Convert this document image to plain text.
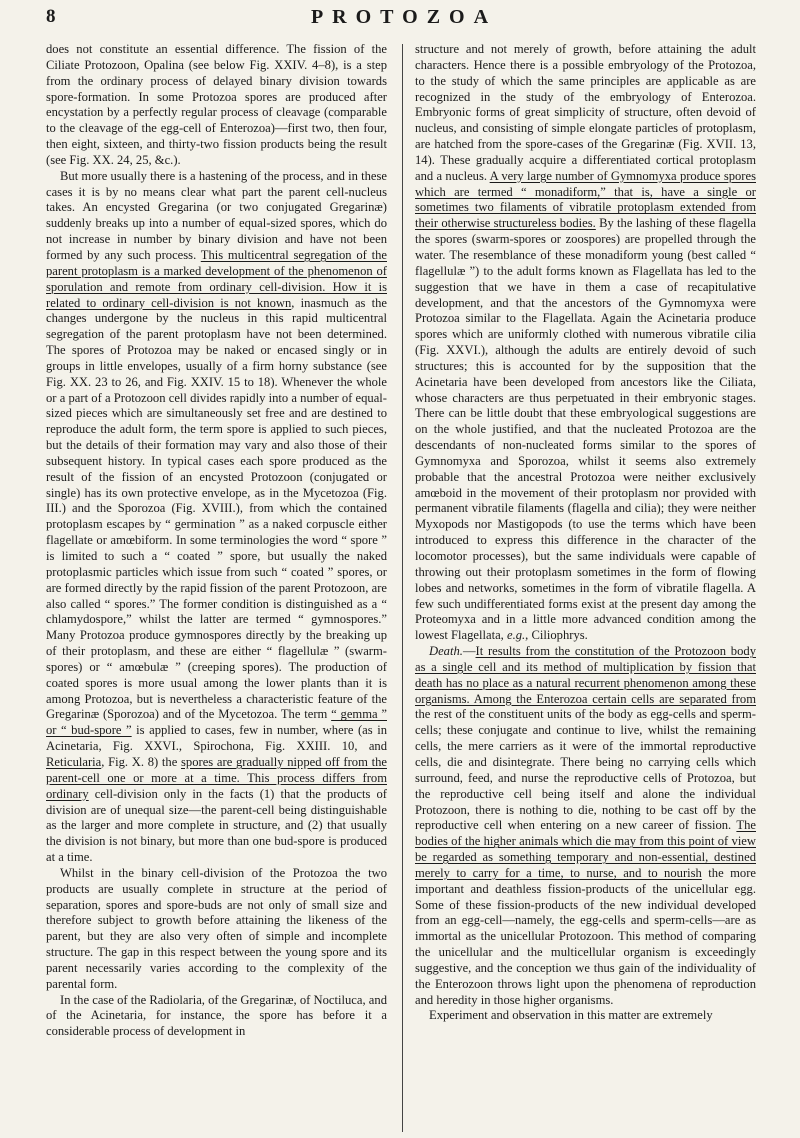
8	PROTOZOA

does not constitute an essential difference. The fission of the Ciliate Protozoon, Opalina (see below Fig. XXIV. 4–8), is a step from the ordinary process of delayed binary division towards spore-formation. In some Protozoa spores are produced after encystation by a perfectly regular process of cleavage (comparable to the cleavage of the egg-cell of Enterozoa)—first two, then four, then eight, sixteen, and thirty-two fission products being the result (see Fig. XX. 24, 25, &c.).

But more usually there is a hastening of the process, and in these cases it is by no means clear what part the parent cell-nucleus takes. An encysted Gregarina (or two conjugated Gregarinæ) suddenly breaks up into a number of equal-sized spores, which do not increase in number by binary division and have not been formed by any such process. This multicentral segregation of the parent protoplasm is a marked development of the phenomenon of sporulation and remote from ordinary cell-division. How it is related to ordinary cell-division is not known, inasmuch as the changes undergone by the nucleus in this rapid multicentral segregation of the parent protoplasm have not been determined. The spores of Protozoa may be naked or encased singly or in groups in little envelopes, usually of a firm horny substance (see Fig. XX. 23 to 26, and Fig. XXIV. 15 to 18). Whenever the whole or a part of a Protozoon cell divides rapidly into a number of equal-sized pieces which are simultaneously set free and are destined to reproduce the adult form, the term spore is applied to such pieces, but the details of their formation may vary and also those of their subsequent history. In typical cases each spore produced as the result of the fission of an encysted Protozoon (conjugated or single) has its own protective envelope, as in the Mycetozoa (Fig. III.) and the Sporozoa (Fig. XVIII.), from which the contained protoplasm escapes by “ germination ” as a naked corpuscle either flagellate or amœbiform. In some terminologies the word “ spore ” is limited to such a “ coated ” spore, but usually the naked protoplasmic particles which issue from such “ coated ” spores, or are formed directly by the rapid fission of the parent Protozoon, are also called “ spores.” The former condition is distinguished as a “ chlamydospore,” whilst the latter are termed “ gymnospores.” Many Protozoa produce gymnospores directly by the breaking up of their protoplasm, and these are either “ flagellulæ ” (swarm-spores) or “ amœbulæ ” (creeping spores). The production of coated spores is more usual among the lower plants than it is among Protozoa, but is nevertheless a characteristic feature of the Gregarinæ (Sporozoa) and of the Mycetozoa. The term “ gemma ” or “ bud-spore ” is applied to cases, few in number, where (as in Acinetaria, Fig. XXVI., Spirochona, Fig. XXIII. 10, and Reticularia, Fig. X. 8) the spores are gradually nipped off from the parent-cell one or more at a time. This process differs from ordinary cell-division only in the facts (1) that the products of division are of unequal size—the parent-cell being distinguishable as the larger and more complete in structure, and (2) that usually the division is not binary, but more than one bud-spore is produced at a time.

Whilst in the binary cell-division of the Protozoa the two products are usually complete in structure at the period of separation, spores and spore-buds are not only of small size and therefore subject to growth before attaining the likeness of the parent, but they are also very often of simple and incomplete structure. The gap in this respect between the young spore and its parent necessarily varies according to the complexity of the parental form.

In the case of the Radiolaria, of the Gregarinæ, of Noctiluca, and of the Acinetaria, for instance, the spore has before it a considerable process of development in

structure and not merely of growth, before attaining the adult characters. Hence there is a possible embryology of the Protozoa, to the study of which the same principles are applicable as are recognized in the study of the embryology of Enterozoa. Embryonic forms of great simplicity of structure, often devoid of nucleus, and consisting of simple elongate particles of protoplasm, are hatched from the spore-cases of the Gregarinæ (Fig. XVII. 13, 14). These gradually acquire a differentiated cortical protoplasm and a nucleus. A very large number of Gymnomyxa produce spores which are termed “ monadiform,” that is, have a single or sometimes two filaments of vibratile protoplasm extended from their otherwise structureless bodies. By the lashing of these flagella the spores (swarm-spores or zoospores) are propelled through the water. The resemblance of these monadiform young (best called “ flagellulæ ”) to the adult forms known as Flagellata has led to the suggestion that we have in them a case of recapitulative development, and that the ancestors of the Gymnomyxa were Protozoa similar to the Flagellata. Again the Acinetaria produce spores which are uniformly clothed with numerous vibratile cilia (Fig. XXVI.), although the adults are entirely devoid of such structures; this is accounted for by the supposition that the Acinetaria have been developed from ancestors like the Ciliata, whose characters are thus perpetuated in their embryonic stages. There can be little doubt that these embryological suggestions are on the whole justified, and that the nucleated Protozoa are the descendants of non-nucleated forms similar to the spores of Gymnomyxa and Sporozoa, whilst it seems also extremely probable that the ancestral Protozoa were neither exclusively amœboid in the movement of their protoplasm nor provided with permanent vibratile filaments (flagella and cilia); they were neither Myxopods nor Mastigopods (to use the terms which have been introduced to express this difference in the character of the locomotor processes), but the same individuals were capable of throwing out their protoplasm sometimes in the form of flowing lobes and networks, sometimes in the form of vibratile flagella. A few such undifferentiated forms exist at the present day among the Proteomyxa and in a little more advanced condition among the lowest Flagellata, e.g., Ciliophrys.

Death.—It results from the constitution of the Protozoon body as a single cell and its method of multiplication by fission that death has no place as a natural recurrent phenomenon among these organisms. Among the Enterozoa certain cells are separated from the rest of the constituent units of the body as egg-cells and sperm-cells; these conjugate and continue to live, whilst the remaining cells, the mere carriers as it were of the immortal reproductive cells, die and disintegrate. There being no carrying cells which surround, feed, and nurse the reproductive cells of Protozoa, but the reproductive cell being itself and alone the individual Protozoon, there is nothing to die, nothing to be cast off by the reproductive cell when entering on a new career of fission. The bodies of the higher animals which die may from this point of view be regarded as something temporary and non-essential, destined merely to carry for a time, to nurse, and to nourish the more important and deathless fission-products of the unicellular egg. Some of these fission-products of the new individual developed from an egg-cell—namely, the egg-cells and sperm-cells—are as immortal as the unicellular Protozoon. This method of comparing the unicellular and the multicellular organism is exceedingly suggestive, and the conception we thus gain of the individuality of the Enterozoon throws light upon the phenomena of reproduction and heredity in those higher organisms.

Experiment and observation in this matter are extremely
